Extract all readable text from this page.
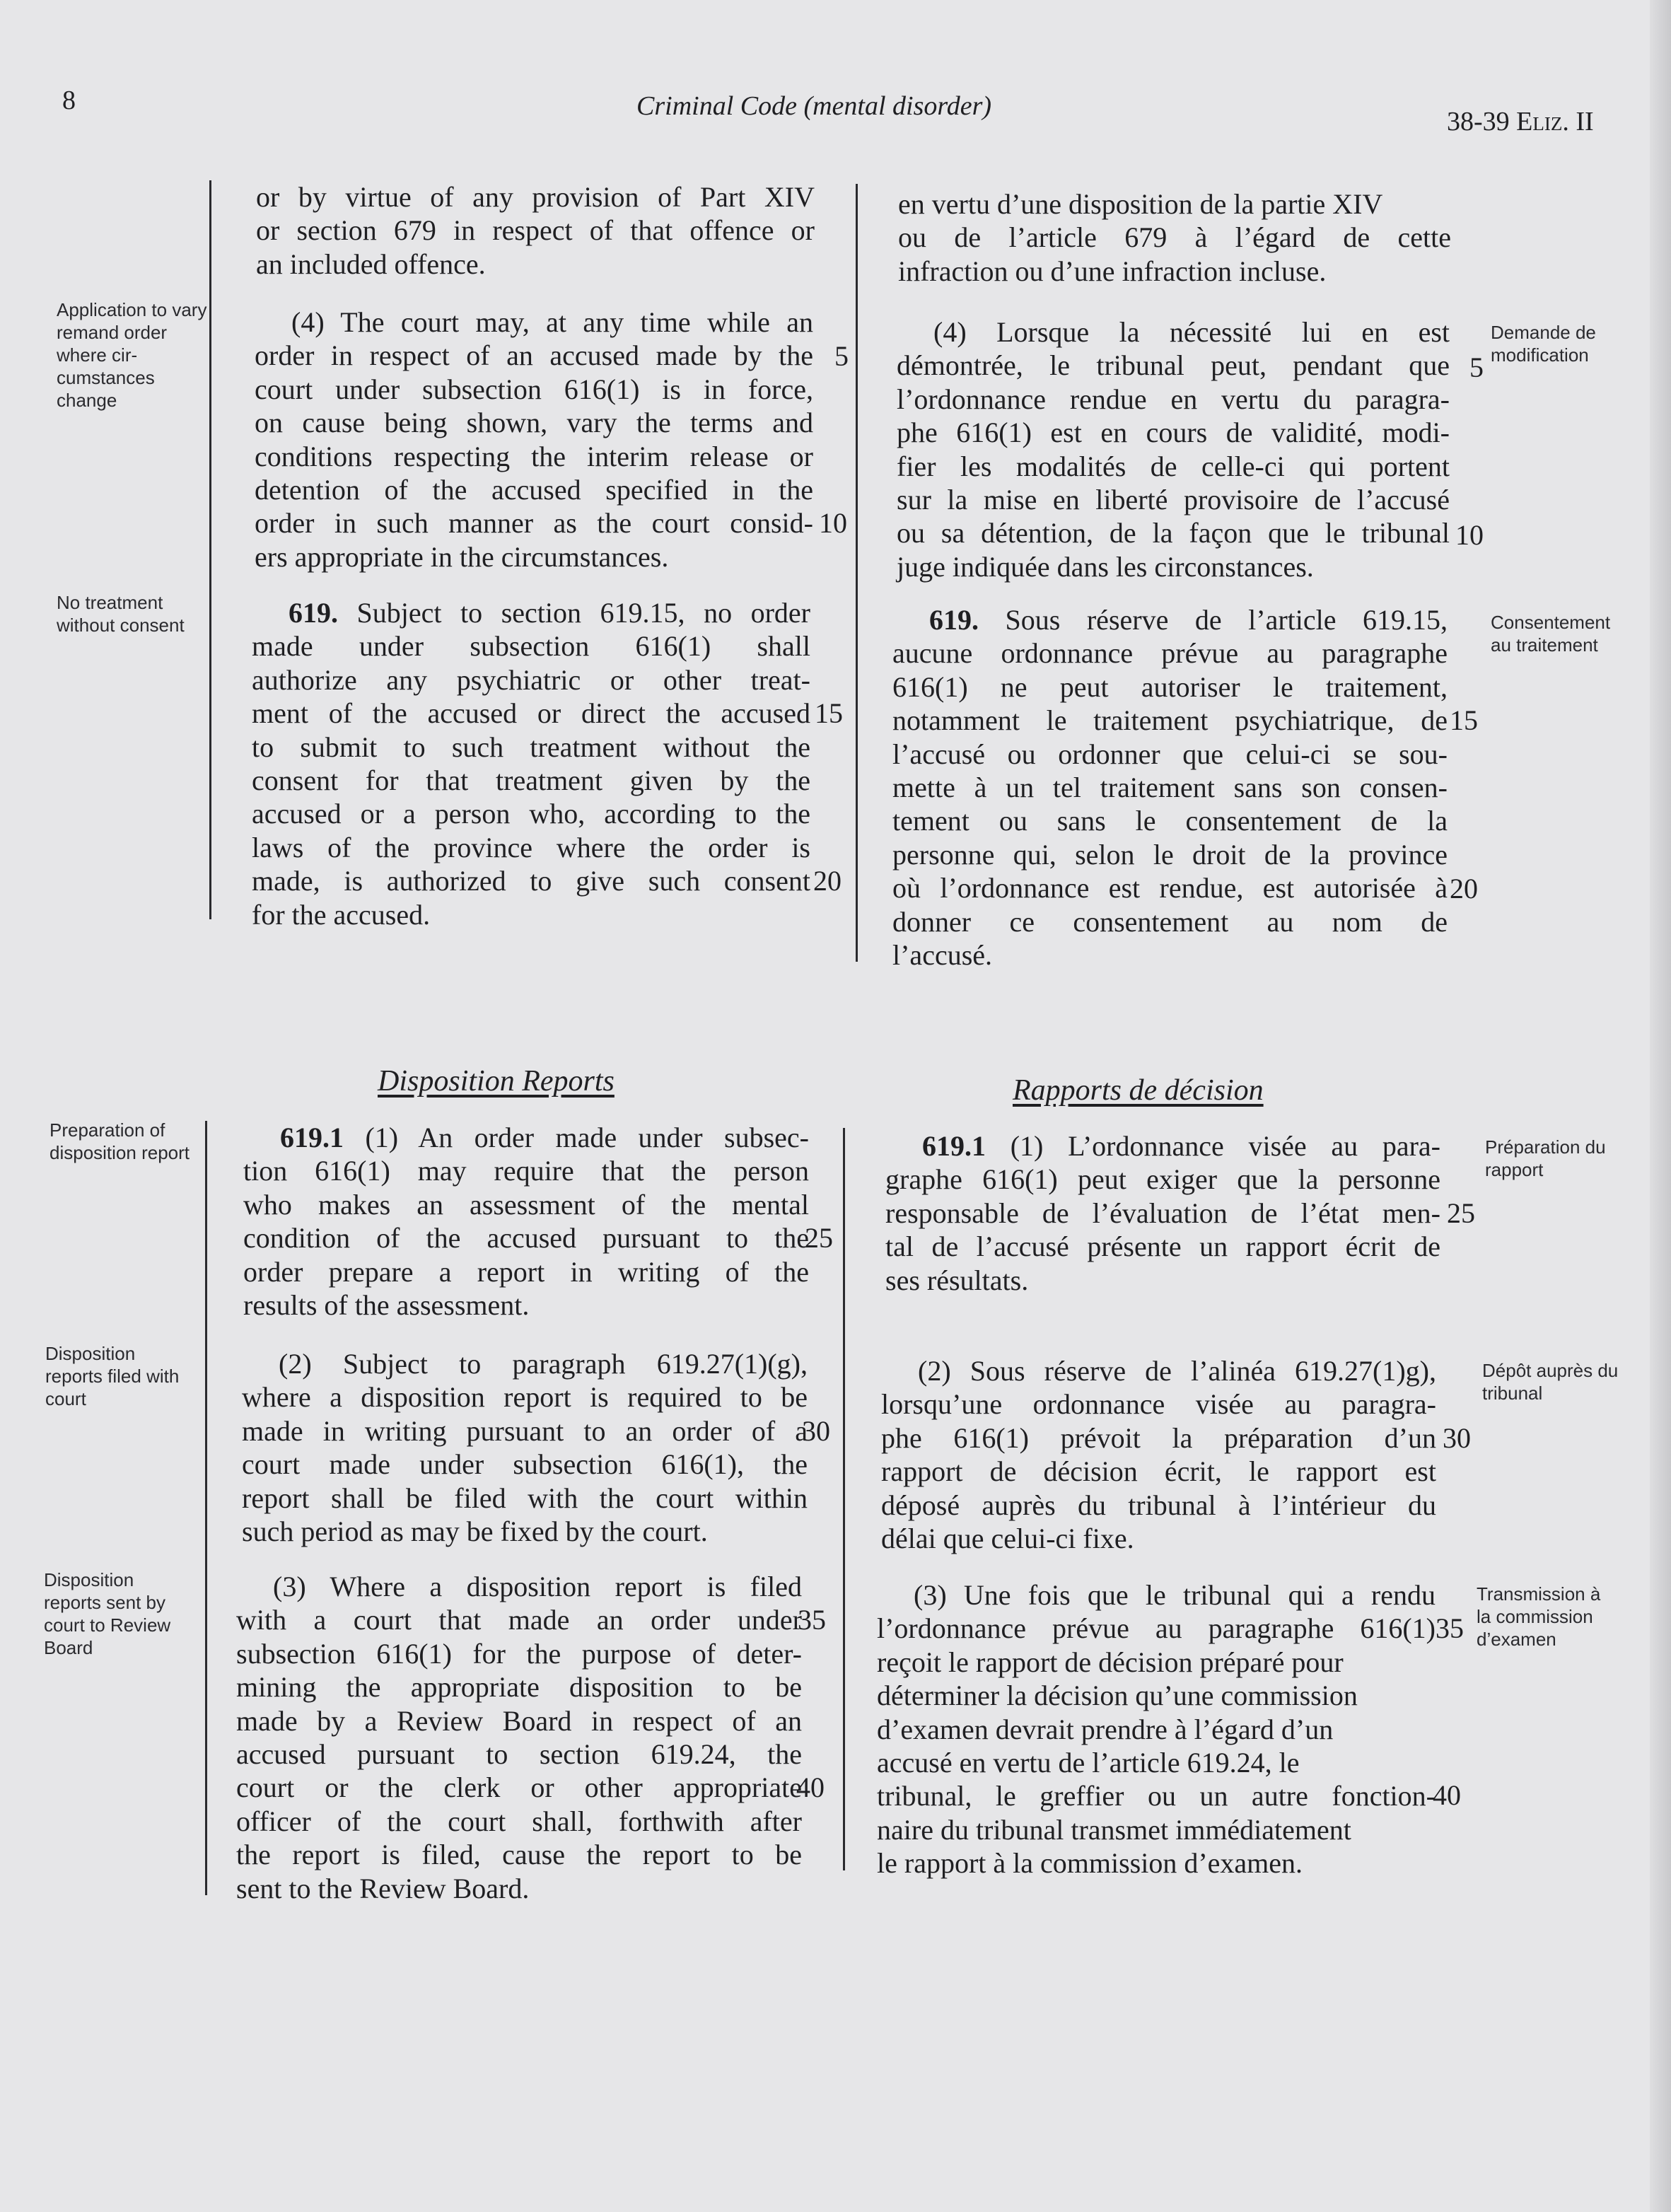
8	Criminal Code (mental disorder)
38-39 Eliz. II
Application to vary remand order where cir- cumstances change
No treatment without consent
Preparation of disposition report
Disposition reports filed with court
Disposition reports sent by court to Review Board
Demande de modification
Consentement au traitement
Préparation du rapport
Dépôt auprès du tribunal
Transmission à la commission d’examen
or by virtue of any provision of Part XIV
or section 679 in respect of that offence or
an included offence.
(4) The court may, at any time while an
order in respect of an accused made by the
court under subsection 616(1) is in force,
on cause being shown, vary the terms and
conditions respecting the interim release or
detention of the accused specified in the
order in such manner as the court consid-
ers appropriate in the circumstances.
619. Subject to section 619.15, no order
made under subsection 616(1) shall
authorize any psychiatric or other treat-
ment of the accused or direct the accused
to submit to such treatment without the
consent for that treatment given by the
accused or a person who, according to the
laws of the province where the order is
made, is authorized to give such consent
for the accused.
Disposition Reports
619.1 (1) An order made under subsec-
tion 616(1) may require that the person
who makes an assessment of the mental
condition of the accused pursuant to the
order prepare a report in writing of the
results of the assessment.
(2) Subject to paragraph 619.27(1)(g),
where a disposition report is required to be
made in writing pursuant to an order of a
court made under subsection 616(1), the
report shall be filed with the court within
such period as may be fixed by the court.
(3) Where a disposition report is filed
with a court that made an order under
subsection 616(1) for the purpose of deter-
mining the appropriate disposition to be
made by a Review Board in respect of an
accused pursuant to section 619.24, the
court or the clerk or other appropriate
officer of the court shall, forthwith after
the report is filed, cause the report to be
sent to the Review Board.
5
10
15
20
25
30
35
40
en vertu d’une disposition de la partie XIV
ou de l’article 679 à l’égard de cette
infraction ou d’une infraction incluse.
(4) Lorsque la nécessité lui en est
démontrée, le tribunal peut, pendant que
l’ordonnance rendue en vertu du paragra-
phe 616(1) est en cours de validité, modi-
fier les modalités de celle-ci qui portent
sur la mise en liberté provisoire de l’accusé
ou sa détention, de la façon que le tribunal
juge indiquée dans les circonstances.
619. Sous réserve de l’article 619.15,
aucune ordonnance prévue au paragraphe
616(1) ne peut autoriser le traitement,
notamment le traitement psychiatrique, de
l’accusé ou ordonner que celui-ci se sou-
mette à un tel traitement sans son consen-
tement ou sans le consentement de la
personne qui, selon le droit de la province
où l’ordonnance est rendue, est autorisée à
donner ce consentement au nom de
l’accusé.
Rapports de décision
619.1 (1) L’ordonnance visée au para-
graphe 616(1) peut exiger que la personne
responsable de l’évaluation de l’état men-
tal de l’accusé présente un rapport écrit de
ses résultats.
(2) Sous réserve de l’alinéa 619.27(1)g),
lorsqu’une ordonnance visée au paragra-
phe 616(1) prévoit la préparation d’un
rapport de décision écrit, le rapport est
déposé auprès du tribunal à l’intérieur du
délai que celui-ci fixe.
(3) Une fois que le tribunal qui a rendu
l’ordonnance prévue au paragraphe 616(1)
reçoit le rapport de décision préparé pour
déterminer la décision qu’une commission
d’examen devrait prendre à l’égard d’un
accusé en vertu de l’article 619.24, le
tribunal, le greffier ou un autre fonction-
naire du tribunal transmet immédiatement
le rapport à la commission d’examen.
5
10
15
20
25
30
35
40
